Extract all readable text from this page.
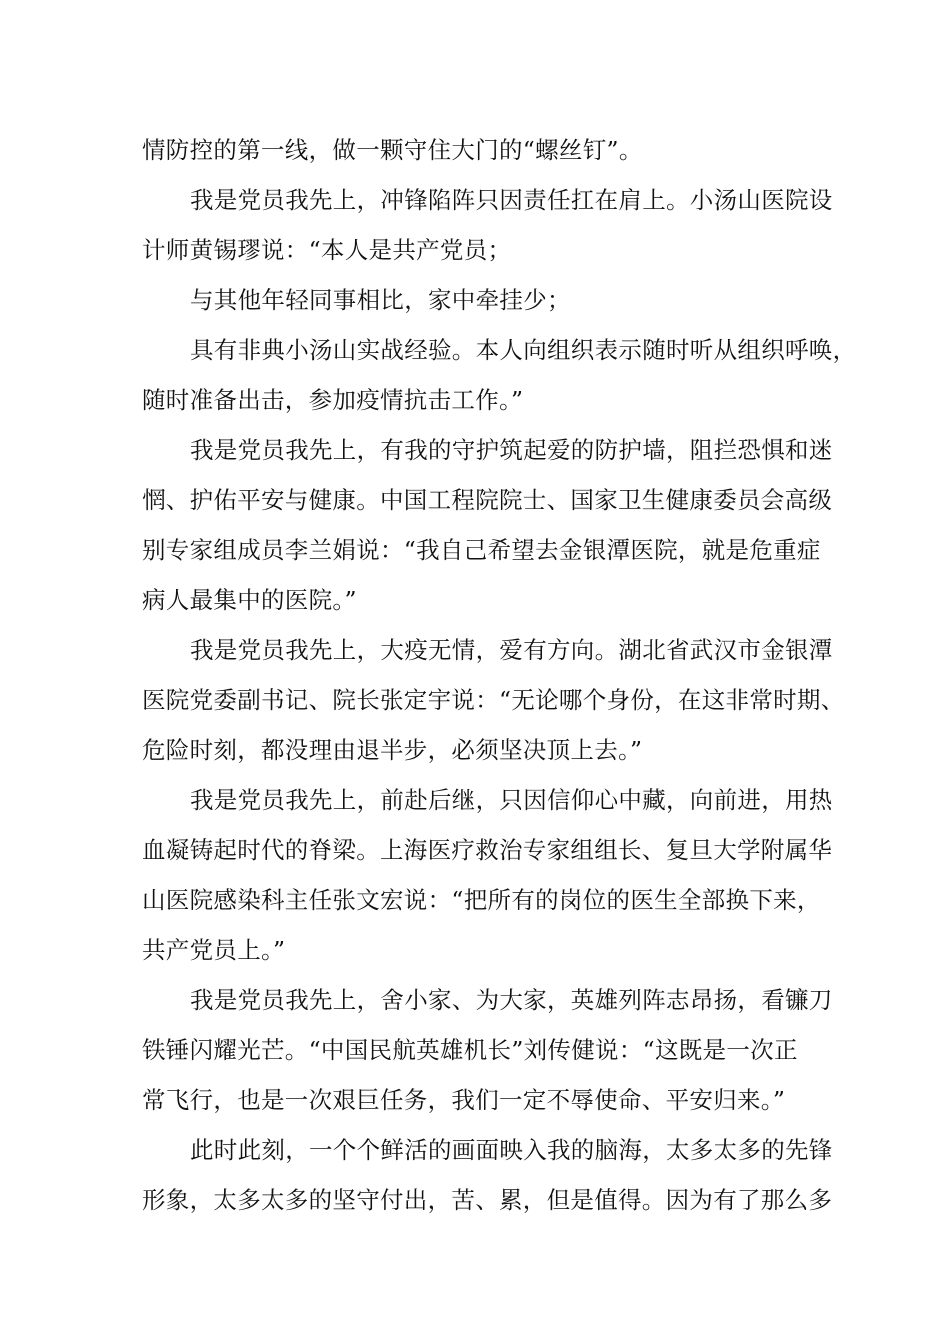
情防控的第一线，做一颗守住大门的“螺丝钉”。
我是党员我先上，冲锋陷阵只因责任扛在肩上。小汤山医院设
计师黄锡璆说：“本人是共产党员；
与其他年轻同事相比，家中牵挂少；
具有非典小汤山实战经验。本人向组织表示随时听从组织呼唤，
随时准备出击，参加疫情抗击工作。”
我是党员我先上，有我的守护筑起爱的防护墙，阻拦恐惧和迷
惘、护佑平安与健康。中国工程院院士、国家卫生健康委员会高级
别专家组成员李兰娟说：“我自己希望去金银潭医院，就是危重症
病人最集中的医院。”
我是党员我先上，大疫无情，爱有方向。湖北省武汉市金银潭
医院党委副书记、院长张定宇说：“无论哪个身份，在这非常时期、
危险时刻，都没理由退半步，必须坚决顶上去。”
我是党员我先上，前赴后继，只因信仰心中藏，向前进，用热
血凝铸起时代的脊梁。上海医疗救治专家组组长、复旦大学附属华
山医院感染科主任张文宏说：“把所有的岗位的医生全部换下来，
共产党员上。”
我是党员我先上，舍小家、为大家，英雄列阵志昂扬，看镰刀
铁锤闪耀光芒。“中国民航英雄机长”刘传健说：“这既是一次正
常飞行，也是一次艰巨任务，我们一定不辱使命、平安归来。”
此时此刻，一个个鲜活的画面映入我的脑海，太多太多的先锋
形象，太多太多的坚守付出，苦、累，但是值得。因为有了那么多
